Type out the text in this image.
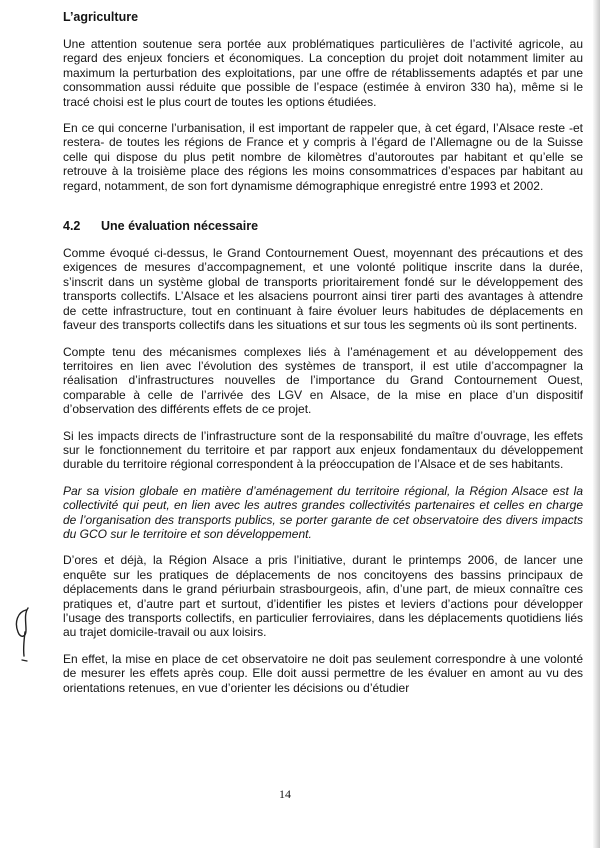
L’agriculture

Une attention soutenue sera portée aux problématiques particulières de l’activité agricole, au regard des enjeux fonciers et économiques. La conception du projet doit notamment limiter au maximum la perturbation des exploitations, par une offre de rétablissements adaptés et par une consommation aussi réduite que possible de l’espace (estimée à environ 330 ha), même si le tracé choisi est le plus court de toutes les options étudiées.

En ce qui concerne l’urbanisation, il est important de rappeler que, à cet égard, l’Alsace reste -et restera- de toutes les régions de France et y compris à l’égard de l’Allemagne ou de la Suisse celle qui dispose du plus petit nombre de kilomètres d’autoroutes par habitant et qu’elle se retrouve à la troisième place des régions les moins consommatrices d’espaces par habitant au regard, notamment, de son fort dynamisme démographique enregistré entre 1993 et 2002.

4.2 Une évaluation nécessaire

Comme évoqué ci-dessus, le Grand Contournement Ouest, moyennant des précautions et des exigences de mesures d’accompagnement, et une volonté politique inscrite dans la durée, s’inscrit dans un système global de transports prioritairement fondé sur le développement des transports collectifs. L’Alsace et les alsaciens pourront ainsi tirer parti des avantages à attendre de cette infrastructure, tout en continuant à faire évoluer leurs habitudes de déplacements en faveur des transports collectifs dans les situations et sur tous les segments où ils sont pertinents.

Compte tenu des mécanismes complexes liés à l’aménagement et au développement des territoires en lien avec l’évolution des systèmes de transport, il est utile d’accompagner la réalisation d’infrastructures nouvelles de l’importance du Grand Contournement Ouest, comparable à celle de l’arrivée des LGV en Alsace, de la mise en place d’un dispositif d’observation des différents effets de ce projet.

Si les impacts directs de l’infrastructure sont de la responsabilité du maître d’ouvrage, les effets sur le fonctionnement du territoire et par rapport aux enjeux fondamentaux du développement durable du territoire régional correspondent à la préoccupation de l’Alsace et de ses habitants.

Par sa vision globale en matière d’aménagement du territoire régional, la Région Alsace est la collectivité qui peut, en lien avec les autres grandes collectivités partenaires et celles en charge de l’organisation des transports publics, se porter garante de cet observatoire des divers impacts du GCO sur le territoire et son développement.

D’ores et déjà, la Région Alsace a pris l’initiative, durant le printemps 2006, de lancer une enquête sur les pratiques de déplacements de nos concitoyens des bassins principaux de déplacements dans le grand périurbain strasbourgeois, afin, d’une part, de mieux connaître ces pratiques et, d’autre part et surtout, d’identifier les pistes et leviers d’actions pour développer l’usage des transports collectifs, en particulier ferroviaires, dans les déplacements quotidiens liés au trajet domicile-travail ou aux loisirs.

En effet, la mise en place de cet observatoire ne doit pas seulement correspondre à une volonté de mesurer les effets après coup. Elle doit aussi permettre de les évaluer en amont au vu des orientations retenues, en vue d’orienter les décisions ou d’étudier

14
